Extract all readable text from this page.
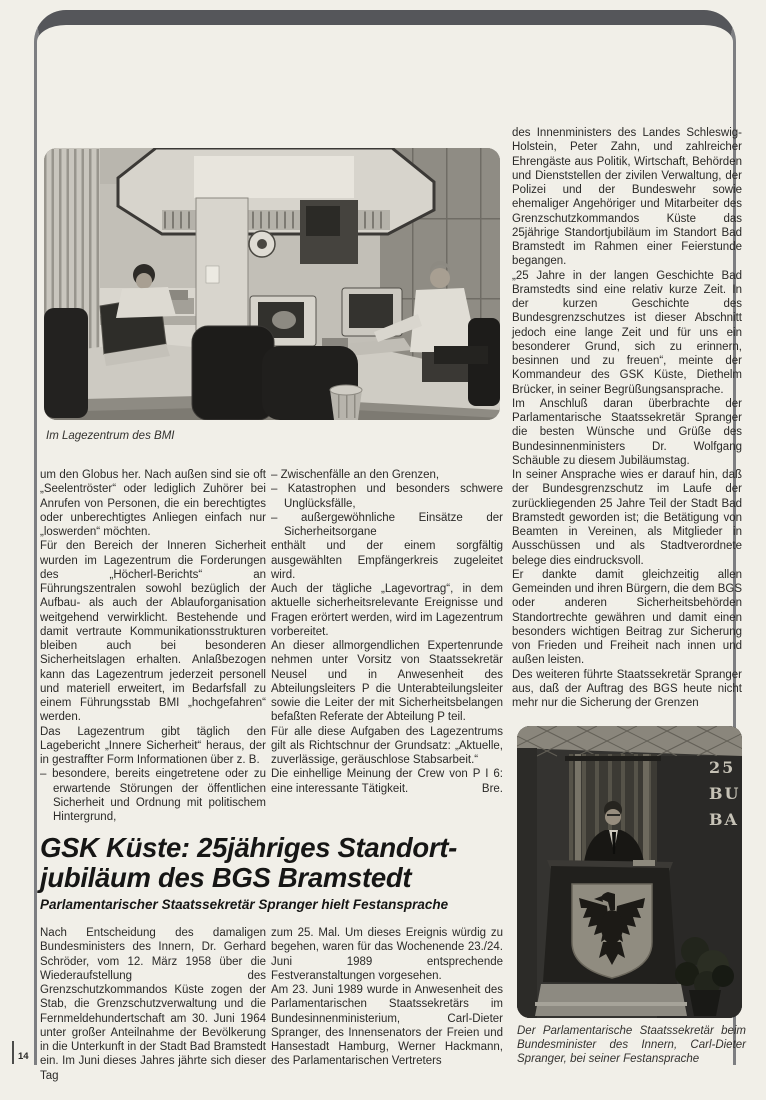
Im Lagezentrum des BMI

um den Globus her. Nach außen sind sie oft „Seelentröster“ oder lediglich Zuhörer bei Anrufen von Personen, die ein berechtigtes oder unberechtigtes Anliegen einfach nur „loswerden“ möchten.

Für den Bereich der Inneren Sicherheit wurden im Lagezentrum die Forderungen des „Höcherl-Berichts“ an Führungszentralen sowohl bezüglich der Aufbau- als auch der Ablauforganisation weitgehend verwirklicht. Bestehende und damit vertraute Kommunikationsstrukturen bleiben auch bei besonderen Sicherheitslagen erhalten. Anlaßbezogen kann das Lagezentrum jederzeit personell und materiell erweitert, im Bedarfsfall zu einem Führungsstab BMI „hochgefahren“ werden.

Das Lagezentrum gibt täglich den Lagebericht „Innere Sicherheit“ heraus, der in gestraffter Form Informationen über z. B.

– besondere, bereits eingetretene oder zu erwartende Störungen der öffentlichen Sicherheit und Ordnung mit politischem Hintergrund,

– Zwischenfälle an den Grenzen,

– Katastrophen und besonders schwere Unglücksfälle,

– außergewöhnliche Einsätze der Sicherheitsorgane

enthält und der einem sorgfältig ausgewählten Empfängerkreis zugeleitet wird.

Auch der tägliche „Lagevortrag“, in dem aktuelle sicherheitsrelevante Ereignisse und Fragen erörtert werden, wird im Lagezentrum vorbereitet.

An dieser allmorgendlichen Expertenrunde nehmen unter Vorsitz von Staatssekretär Neusel und in Anwesenheit des Abteilungsleiters P die Unterabteilungsleiter sowie die Leiter der mit Sicherheitsbelangen befaßten Referate der Abteilung P teil.

Für alle diese Aufgaben des Lagezentrums gilt als Richtschnur der Grundsatz: „Aktuelle, zuverlässige, geräuschlose Stabsarbeit.“

Die einhellige Meinung der Crew von P I 6: eine interessante Tätigkeit.	Bre.

des Innenministers des Landes Schleswig-Holstein, Peter Zahn, und zahlreicher Ehrengäste aus Politik, Wirtschaft, Behörden und Dienststellen der zivilen Verwaltung, der Polizei und der Bundeswehr sowie ehemaliger Angehöriger und Mitarbeiter des Grenzschutzkommandos Küste das 25jährige Standortjubiläum im Standort Bad Bramstedt im Rahmen einer Feierstunde begangen.

„25 Jahre in der langen Geschichte Bad Bramstedts sind eine relativ kurze Zeit. In der kurzen Geschichte des Bundesgrenzschutzes ist dieser Abschnitt jedoch eine lange Zeit und für uns ein besonderer Grund, sich zu erinnern, besinnen und zu freuen“, meinte der Kommandeur des GSK Küste, Diethelm Brücker, in seiner Begrüßungsansprache.

Im Anschluß daran überbrachte der Parlamentarische Staatssekretär Spranger die besten Wünsche und Grüße des Bundesinnenministers Dr. Wolfgang Schäuble zu diesem Jubiläumstag.

In seiner Ansprache wies er darauf hin, daß der Bundesgrenzschutz im Laufe der zurückliegenden 25 Jahre Teil der Stadt Bad Bramstedt geworden ist; die Betätigung von Beamten in Vereinen, als Mitglieder in Ausschüssen und als Stadtverordnete belege dies eindrucksvoll.

Er dankte damit gleichzeitig allen Gemeinden und ihren Bürgern, die dem BGS oder anderen Sicherheitsbehörden Standortrechte gewähren und damit einen besonders wichtigen Beitrag zur Sicherung von Frieden und Freiheit nach innen und außen leisten.

Des weiteren führte Staatssekretär Spranger aus, daß der Auftrag des BGS heute nicht mehr nur die Sicherung der Grenzen

GSK Küste: 25jähriges Standort-
jubiläum des BGS Bramstedt
Parlamentarischer Staatssekretär Spranger hielt Festansprache

Nach Entscheidung des damaligen Bundesministers des Innern, Dr. Gerhard Schröder, vom 12. März 1958 über die Wiederaufstellung des Grenzschutzkommandos Küste zogen der Stab, die Grenzschutzverwaltung und die Fernmeldehundertschaft am 30. Juni 1964 unter großer Anteilnahme der Bevölkerung in die Unterkunft in der Stadt Bad Bramstedt ein. Im Juni dieses Jahres jährte sich dieser Tag

zum 25. Mal. Um dieses Ereignis würdig zu begehen, waren für das Wochenende 23./24. Juni 1989 entsprechende Festveranstaltungen vorgesehen.

Am 23. Juni 1989 wurde in Anwesenheit des Parlamentarischen Staatssekretärs im Bundesinnenministerium, Carl-Dieter Spranger, des Innensenators der Freien und Hansestadt Hamburg, Werner Hackmann, des Parlamentarischen Vertreters

25
BU
BA
Der Parlamentarische Staatssekretär beim Bundesminister des Innern, Carl-Dieter Spranger, bei seiner Festansprache
14
